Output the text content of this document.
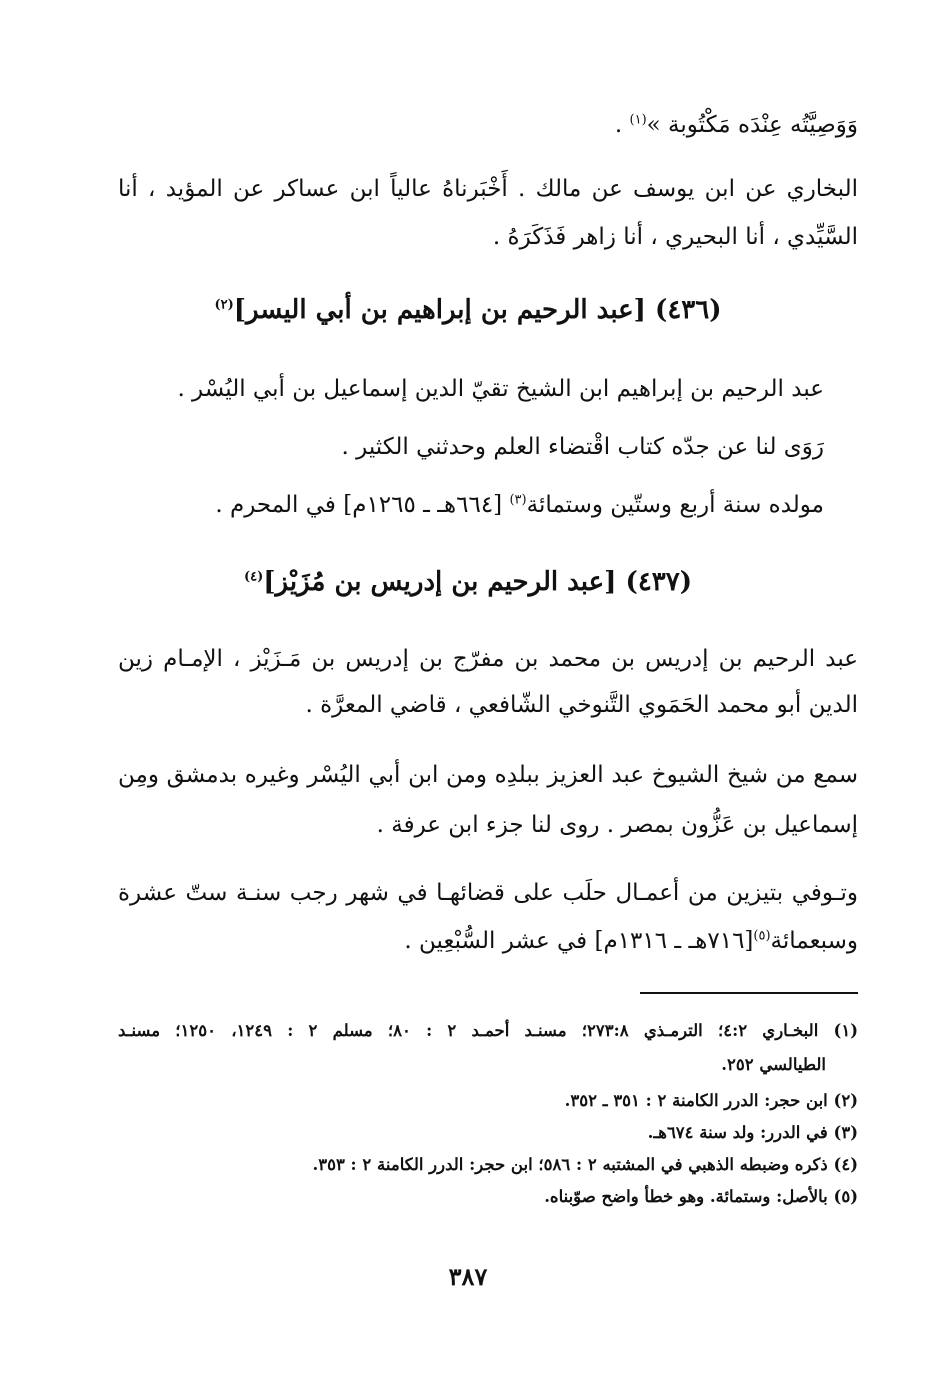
وَوَصِيَّتُه عِنْدَه مَكْتُوبة »$^{(١)}$ .
البخاري عن ابن يوسف عن مالك . أَخْبَرناهُ عالياً ابن عساكر عن المؤيد ، أنا
السَّيِّدي ، أنا البحيري ، أنا زاهر فَذَكَرَهُ .
(٤٣٦) [عبد الرحيم بن إبراهيم بن أبي اليسر]$^{(٢)}$
عبد الرحيم بن إبراهيم ابن الشيخ تقيّ الدين إسماعيل بن أبي اليُسْر .
رَوَى لنا عن جدّه كتاب اقْتضاء العلم وحدثني الكثير .
مولده سنة أربع وستّين وستمائة$^{(٣)}$ [٦٦٤هـ ـ ١٢٦٥م] في المحرم .
(٤٣٧) [عبد الرحيم بن إدريس بن مُزَيْز]$^{(٤)}$
عبد الرحيم بن إدريس بن محمد بن مفرّج بن إدريس بن مَـزَيْز ، الإمـام زين
الدين أبو محمد الحَمَوي التَّنوخي الشّافعي ، قاضي المعرَّة .
سمع من شيخ الشيوخ عبد العزيز ببلدِه ومن ابن أبي اليُسْر وغيره بدمشق ومِن
إسماعيل بن عَزُّون بمصر . روى لنا جزء ابن عرفة .
وتـوفي بتيزين من أعمـال حلَب على قضائهـا في شهر رجب سنـة ستّ عشرة
وسبعمائة$^{(٥)}$[٧١٦هـ ـ ١٣١٦م] في عشر السُّبْعِين .
(١) البخـاري ٤:٢؛ الترمـذي ٢٧٣:٨؛ مسنـد أحمـد ٢ : ٨٠؛ مسلم ٢ : ١٢٤٩، ١٢٥٠؛ مسنـد
الطيالسي ٢٥٢.
(٢) ابن حجر: الدرر الكامنة ٢ : ٣٥١ ـ ٣٥٢.
(٣) في الدرر: ولد سنة ٦٧٤هـ.
(٤) ذكره وضبطه الذهبي في المشتبه ٢ : ٥٨٦؛ ابن حجر: الدرر الكامنة ٢ : ٣٥٣.
(٥) بالأصل: وستمائة. وهو خطأ واضح صوّبناه.
٣٨٧
